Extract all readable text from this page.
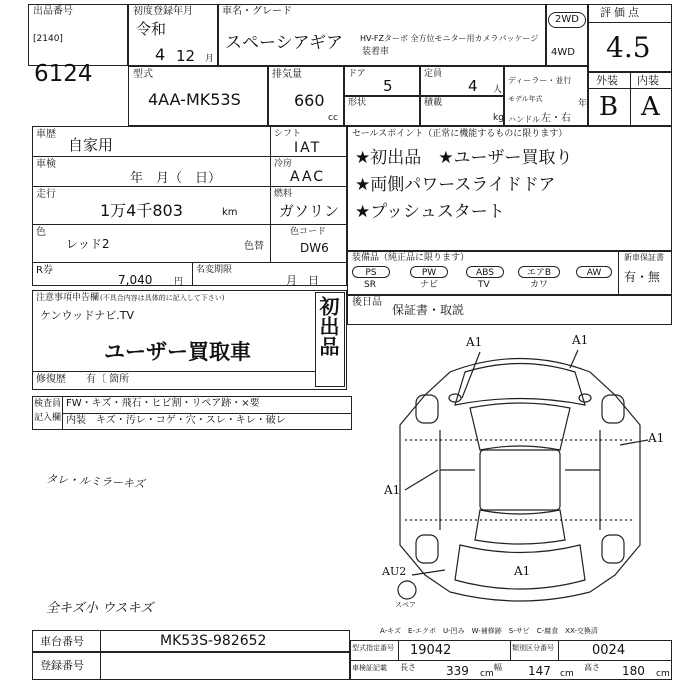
出品番号
[2140]
6124
初度登録年月
令和
4 12 月
車名・グレード
スペーシアギア HV-FZターボ 全方位モニター用カメラパッケージ
装着車
2WD
4WD
評価点
4.5
型式
4AA-MK53S
排気量
660
cc
ドア
5
定員
4 人
形状	積載
kg
ディーラー・並行
モデル年式	年
ハンドル 左・右
外装 内装
B A
車歴
自家用
シフト
IAT
車検
年　月（　日）
冷房
AAC
走行
1万4千803	km
燃料
ガソリン
色
レッド2	色替
色コード
DW6
R券
7,040 円
名変期限
月　日
セールスポイント（正常に機能するものに限ります）
★初出品　★ユーザー買取り
★両側パワースライドドア
★プッシュスタート
装備品（純正品に限ります）	新車保証書
有・無
PS	PW	ABS	エアB	AW
SR	ナビ	TV	カワ
後日品
保証書・取説
注意事項申告欄 (不具合内容は具体的に記入して下さい)
ケンウッドナビ.TV
ユーザー買取車
修復歴 有〔 箇所
初出品
検査員
記入欄
FW・キズ・飛石・ヒビ割・リペア跡・×要
内装　キズ・汚レ・コゲ・穴・スレ・キレ・破レ
タレ・ルミラーキズ
全キズ小 ウスキズ
A1	A1
A1
A1
A1
AU2
スペア
A-キズ　E-エクボ　U-凹み　W-補修跡　S-サビ　C-腐食　XX-交換済
車台番号	MK53S-982652
登録番号
型式指定番号 19042	類別区分番号	0024
車検証記載 長さ	339 cm
幅 147 cm
高さ 180 cm
